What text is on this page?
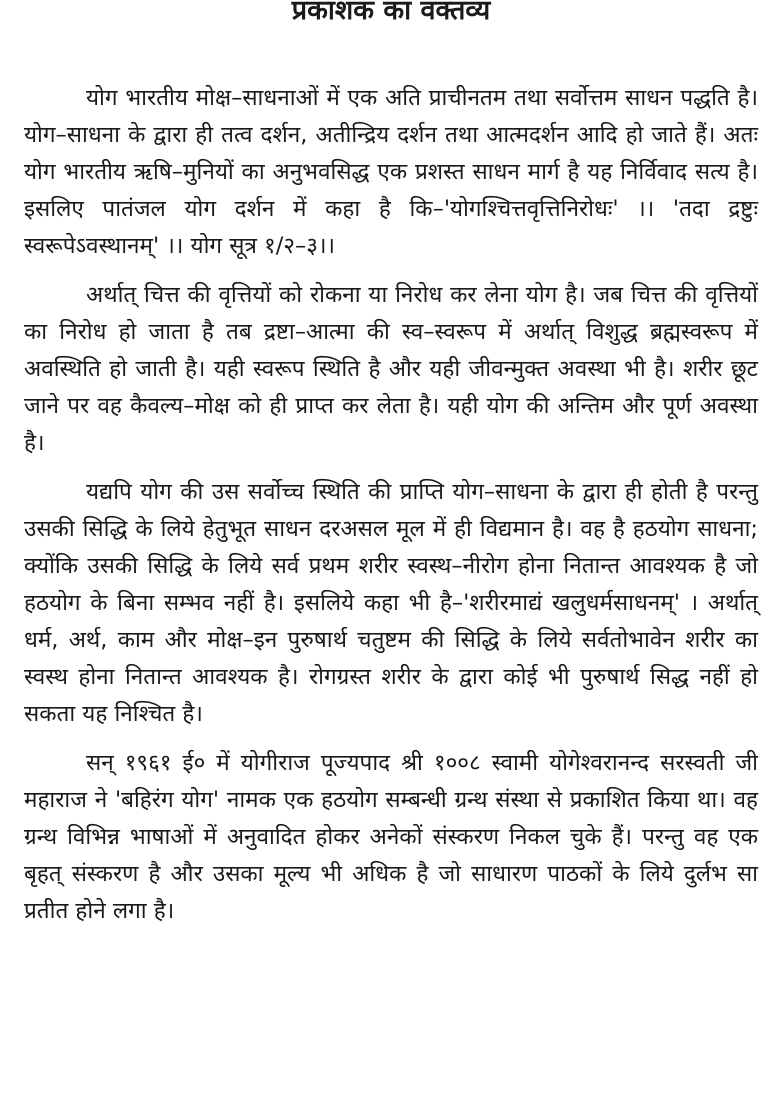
प्रकाशक का वक्तव्य

योग भारतीय मोक्ष–साधनाओं में एक अति प्राचीनतम तथा सर्वोत्तम साधन पद्धति है। योग–साधना के द्वारा ही तत्व दर्शन, अतीन्द्रिय दर्शन तथा आत्मदर्शन आदि हो जाते हैं। अतः योग भारतीय ऋषि–मुनियों का अनुभवसिद्ध एक प्रशस्त साधन मार्ग है यह निर्विवाद सत्य है। इसलिए पातंजल योग दर्शन में कहा है कि–'योगश्चित्तवृत्तिनिरोधः' ।। 'तदा द्रष्टुः स्वरूपेऽवस्थानम्' ।। योग सूत्र १/२–३।।

अर्थात् चित्त की वृत्तियों को रोकना या निरोध कर लेना योग है। जब चित्त की वृत्तियों का निरोध हो जाता है तब द्रष्टा–आत्मा की स्व–स्वरूप में अर्थात् विशुद्ध ब्रह्मस्वरूप में अवस्थिति हो जाती है। यही स्वरूप स्थिति है और यही जीवन्मुक्त अवस्था भी है। शरीर छूट जाने पर वह कैवल्य–मोक्ष को ही प्राप्त कर लेता है। यही योग की अन्तिम और पूर्ण अवस्था है।

यद्यपि योग की उस सर्वोच्च स्थिति की प्राप्ति योग–साधना के द्वारा ही होती है परन्तु उसकी सिद्धि के लिये हेतुभूत साधन दरअसल मूल में ही विद्यमान है। वह है हठयोग साधना; क्योंकि उसकी सिद्धि के लिये सर्व प्रथम शरीर स्वस्थ–नीरोग होना नितान्त आवश्यक है जो हठयोग के बिना सम्भव नहीं है। इसलिये कहा भी है–'शरीरमाद्यं खलुधर्मसाधनम्' । अर्थात् धर्म, अर्थ, काम और मोक्ष–इन पुरुषार्थ चतुष्टम की सिद्धि के लिये सर्वतोभावेन शरीर का स्वस्थ होना नितान्त आवश्यक है। रोगग्रस्त शरीर के द्वारा कोई भी पुरुषार्थ सिद्ध नहीं हो सकता यह निश्चित है।

सन् १९६१ ई० में योगीराज पूज्यपाद श्री १००८ स्वामी योगेश्वरानन्द सरस्वती जी महाराज ने 'बहिरंग योग' नामक एक हठयोग सम्बन्धी ग्रन्थ संस्था से प्रकाशित किया था। वह ग्रन्थ विभिन्न भाषाओं में अनुवादित होकर अनेकों संस्करण निकल चुके हैं। परन्तु वह एक बृहत् संस्करण है और उसका मूल्य भी अधिक है जो साधारण पाठकों के लिये दुर्लभ सा प्रतीत होने लगा है।
